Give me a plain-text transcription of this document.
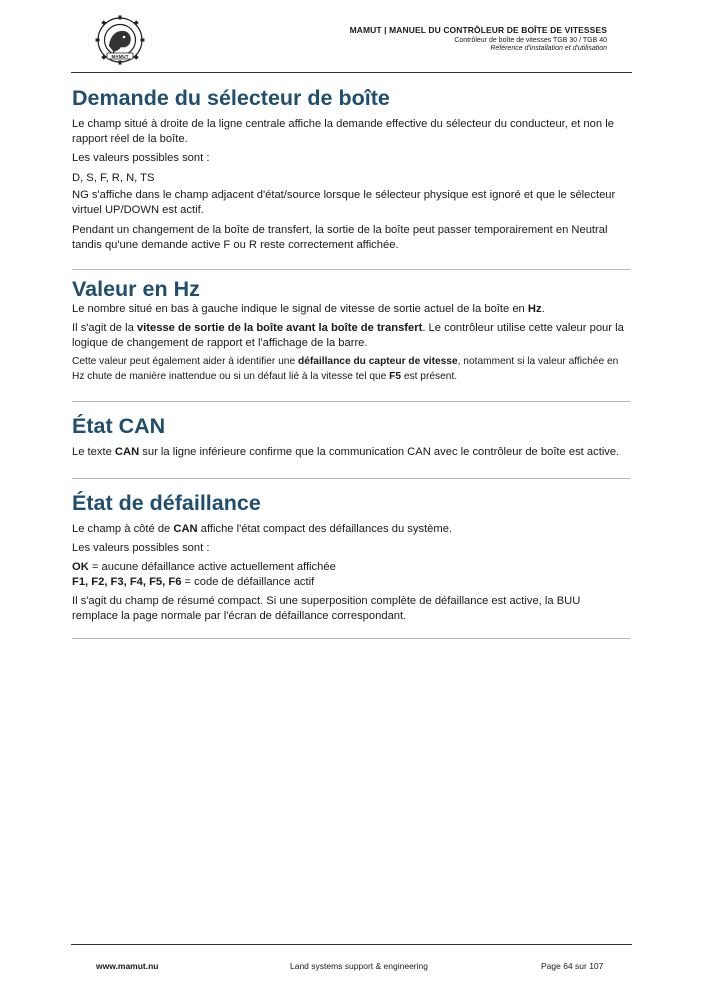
MAMUT
MAMUT | MANUEL DU CONTRÔLEUR DE BOÎTE DE VITESSES
Contrôleur de boîte de vitesses TGB 30 / TGB 40
Référence d'installation et d'utilisation
Demande du sélecteur de boîte

Le champ situé à droite de la ligne centrale affiche la demande effective du sélecteur du conducteur, et non le rapport réel de la boîte.

Les valeurs possibles sont :

D, S, F, R, N, TS

NG s'affiche dans le champ adjacent d'état/source lorsque le sélecteur physique est ignoré et que le sélecteur virtuel UP/DOWN est actif.

Pendant un changement de la boîte de transfert, la sortie de la boîte peut passer temporairement en Neutral tandis qu'une demande active F ou R reste correctement affichée.

Valeur en Hz

Le nombre situé en bas à gauche indique le signal de vitesse de sortie actuel de la boîte en Hz.

Il s'agit de la vitesse de sortie de la boîte avant la boîte de transfert. Le contrôleur utilise cette valeur pour la logique de changement de rapport et l'affichage de la barre.

Cette valeur peut également aider à identifier une défaillance du capteur de vitesse, notamment si la valeur affichée en Hz chute de manière inattendue ou si un défaut lié à la vitesse tel que F5 est présent.

État CAN

Le texte CAN sur la ligne inférieure confirme que la communication CAN avec le contrôleur de boîte est active.

État de défaillance

Le champ à côté de CAN affiche l'état compact des défaillances du système.

Les valeurs possibles sont :

OK = aucune défaillance active actuellement affichée

F1, F2, F3, F4, F5, F6 = code de défaillance actif

Il s'agit du champ de résumé compact. Si une superposition complète de défaillance est active, la BUU remplace la page normale par l'écran de défaillance correspondant.

www.mamut.nu	Land systems support & engineering	Page 64 sur 107
